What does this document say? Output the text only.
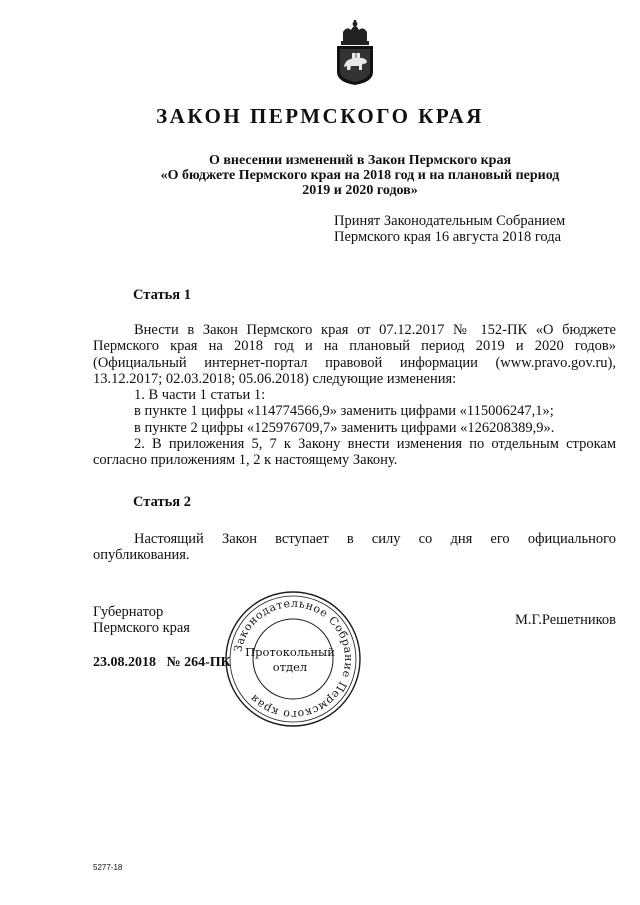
ЗАКОН ПЕРМСКОГО КРАЯ
О внесении изменений в Закон Пермского края
«О бюджете Пермского края на 2018 год и на плановый период
2019 и 2020 годов»
Принят Законодательным Собранием
Пермского края 16 августа 2018 года
Статья 1
Внести в Закон Пермского края от 07.12.2017 № 152-ПК «О бюджете
Пермского края на 2018 год и на плановый период 2019 и 2020 годов»
(Официальный интернет-портал правовой информации (www.pravo.gov.ru),
13.12.2017; 02.03.2018; 05.06.2018) следующие изменения:
1. В части 1 статьи 1:
в пункте 1 цифры «114774566,9» заменить цифрами «115006247,1»;
в пункте 2 цифры «125976709,7» заменить цифрами «126208389,9».
2. В приложения 5, 7 к Закону внести изменения по отдельным строкам
согласно приложениям 1, 2 к настоящему Закону.
Статья 2
Настоящий Закон вступает в силу со дня его официального
опубликования.
Губернатор
Пермского края	М.Г.Решетников
23.08.2018 № 264-ПК
Законодательное Собрание Пермского края
Протокольный
отдел
5277-18
